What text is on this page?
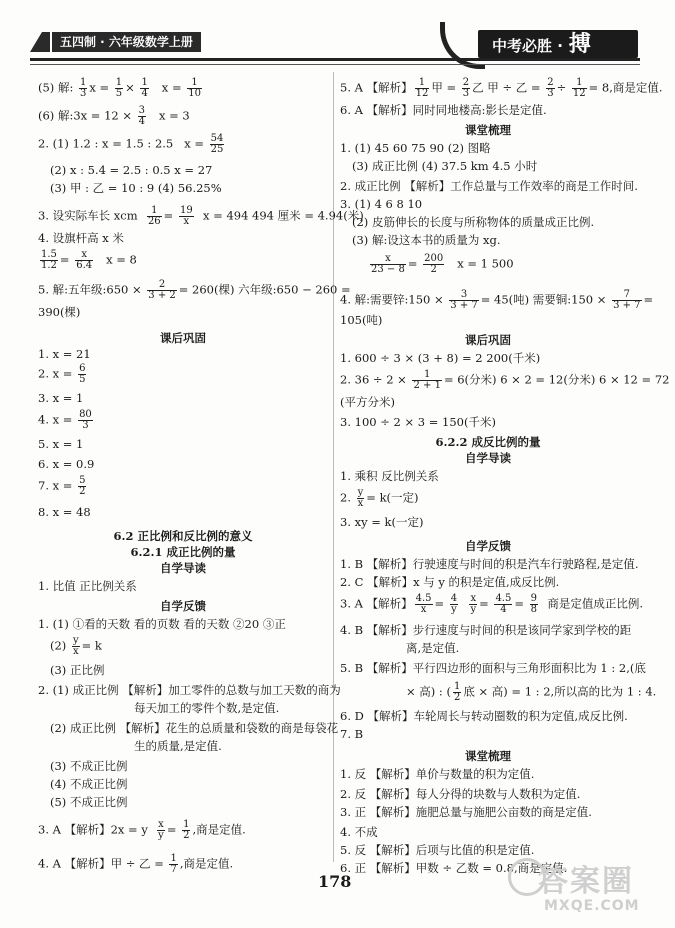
五四制 · 六年级数学上册	中考必胜 · 搏
(5) 解: $\frac{1}{3}$ $x = \frac{1}{5} \times \frac{1}{4}$ $x = \frac{1}{10}$
(6) 解:3x = $12 \times \frac{3}{4}$ x = 3
2. (1) 1.2 : x = 1.5 : 2.5   $x = \frac{54}{25}$
(2) x : 5.4 = 2.5 : 0.5 x = 27
(3) 甲 : 乙 = 10 : 9 (4) 56.25%
3. 设实际车长 xcm $\frac{1}{26} = \frac{19}{x}$ x = 494 494 厘米 = 4.94(米)
4. 设旗杆高 x 米
$\frac{1.5}{1.2} = \frac{x}{6.4}$ x = 8
5. 解:五年级:650 × $\frac{2}{3 + 2} = 260$(棵) 六年级:650 − 260 =
390(棵)
课后巩固
1. x = 21
2. $x = \frac{6}{5}$
3. x = 1
4. $x = \frac{80}{3}$
5. x = 1
6. x = 0.9
7. $x = \frac{5}{2}$
8. x = 48
6.2 正比例和反比例的意义
6.2.1 成正比例的量
自学导读
1. 比值 正比例关系
自学反馈
1. (1) ①看的天数 看的页数 看的天数 ②20 ③正
$(2) \frac{y}{x} = k$
(3) 正比例
2. (1) 成正比例 【解析】加工零件的总数与加工天数的商为
每天加工的零件个数,是定值.
(2) 成正比例 【解析】花生的总质量和袋数的商是每袋花
生的质量,是定值.
(3) 不成正比例
(4) 不成正比例
(5) 不成正比例
3. A 【解析】2x = y $\frac{x}{y} = \frac{1}{2}$ ,商是定值.
4. A 【解析】甲 ÷ 乙 = $\frac{1}{7}$ ,商是定值.
5. A 【解析】 $\frac{1}{12}$ 甲 = $\frac{2}{3}$ 乙 甲 ÷ 乙 = $\frac{2}{3} \div \frac{1}{12} = 8$,商是定值.
6. A 【解析】同时同地楼高:影长是定值.
课堂梳理
1. (1) 45 60 75 90 (2) 图略
(3) 成正比例 (4) 37.5 km 4.5 小时
2. 成正比例 【解析】工作总量与工作效率的商是工作时间.
3. (1) 4 6 8 10
(2) 皮筋伸长的长度与所称物体的质量成正比例.
(3) 解:设这本书的质量为 xg.
$\frac{x}{23 - 8} = \frac{200}{2}$ x = 1 500
4. 解:需要锌:150 × $\frac{3}{3 + 7} = 45$(吨) 需要铜:150 × $\frac{7}{3 + 7}$ =
105(吨)
课后巩固
1. 600 ÷ 3 × (3 + 8) = 2 200(千米)
2. $36 \div 2 \times \frac{1}{2 + 1} = 6$(分米) 6 × 2 = 12(分米) 6 × 12 = 72
(平方分米)
3. 100 ÷ 2 × 3 = 150(千米)
6.2.2 成反比例的量
自学导读
1. 乘积 反比例关系
2. $\frac{y}{x} = k$(一定)
3. xy = k(一定)
自学反馈
1. B 【解析】行驶速度与时间的积是汽车行驶路程,是定值.
2. C 【解析】x 与 y 的积是定值,成反比例.
3. A 【解析】 $\frac{4.5}{x} = \frac{4}{y}$
$\frac{x}{y} = \frac{4.5}{4} = \frac{9}{8}$ 商是定值成正比例.
4. B 【解析】步行速度与时间的积是该同学家到学校的距
离,是定值.
5. B 【解析】平行四边形的面积与三角形面积比为 1 : 2,(底
× 高) : ( $\frac{1}{2}$ 底 × 高) = 1 : 2,所以高的比为 1 : 4.
6. D 【解析】车轮周长与转动圈数的积为定值,成反比例.
7. B
课堂梳理
1. 反 【解析】单价与数量的积为定值.
2. 反 【解析】每人分得的块数与人数积为定值.
3. 正 【解析】施肥总量与施肥公亩数的商是定值.
4. 不成
5. 反 【解析】后项与比值的积是定值.
6. 正 【解析】甲数 ÷ 乙数 = 0.8,商是定值.
178	答案圈
MXQE.COM
